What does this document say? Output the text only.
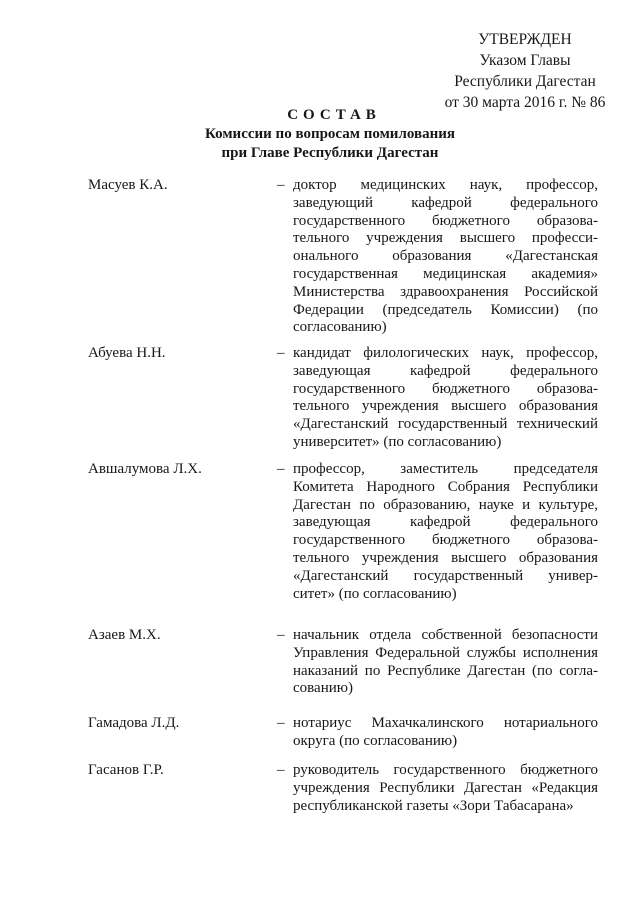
УТВЕРЖДЕН
Указом Главы
Республики Дагестан
от 30 марта 2016 г. № 86
СОСТАВ
Комиссии по вопросам помилования
при Главе Республики Дагестан
Масуев К.А.	– доктор медицинских наук, профессор,
заведующий кафедрой федерального
государственного бюджетного образова-
тельного учреждения высшего професси-
онального образования «Дагестанская
государственная медицинская академия»
Министерства здравоохранения Российской
Федерации (председатель Комиссии) (по
согласованию)
Абуева Н.Н.	– кандидат филологических наук, профессор,
заведующая кафедрой федерального
государственного бюджетного образова-
тельного учреждения высшего образования
«Дагестанский государственный технический
университет» (по согласованию)
Авшалумова Л.Х.	– профессор, заместитель председателя
Комитета Народного Собрания Республики
Дагестан по образованию, науке и культуре,
заведующая кафедрой федерального
государственного бюджетного образова-
тельного учреждения высшего образования
«Дагестанский государственный универ-
ситет» (по согласованию)
Азаев М.Х.	– начальник отдела собственной безопасности
Управления Федеральной службы исполнения
наказаний по Республике Дагестан (по согла-
сованию)
Гамадова Л.Д.	– нотариус Махачкалинского нотариального
округа (по согласованию)
Гасанов Г.Р.	– руководитель государственного бюджетного
учреждения Республики Дагестан «Редакция
республиканской газеты «Зори Табасарана»
